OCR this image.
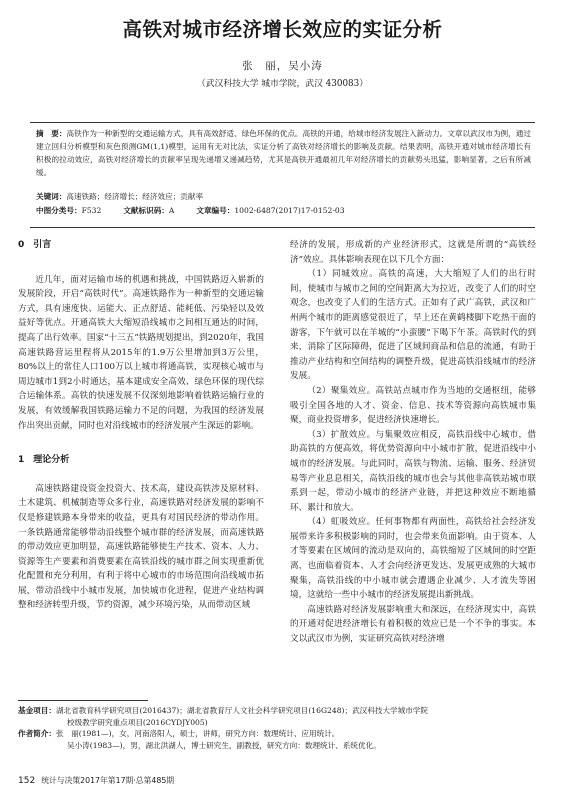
高铁对城市经济增长效应的实证分析
张　丽，吴小涛
（武汉科技大学 城市学院，武汉 430083）
摘　要：高铁作为一种新型的交通运输方式，具有高效舒适、绿色环保的优点。高铁的开通，给城市经济发展注入新动力。文章以武汉市为例，通过建立回归分析模型和灰色预测GM(1,1)模型，运用有无对比法，实证分析了高铁对经济增长的影响及贡献。结果表明，高铁开通对城市经济增长有积极的拉动效应，高铁对经济增长的贡献率呈现先递增又递减趋势，尤其是高铁开通最初几年对经济增长的贡献势头迅猛，影响显著，之后有所减缓。
关键词：高速铁路；经济增长；经济效应；贡献率
中图分类号：F532	文献标识码：A	文章编号：1002-6487(2017)17-0152-03
0　引言

近几年，面对运输市场的机遇和挑战，中国铁路迈入崭新的发展阶段，开启“高铁时代”。高速铁路作为一种新型的交通运输方式，具有速度快、运能大、正点舒适、能耗低、污染轻以及效益好等优点。开通高铁大大缩短沿线城市之间相互通达的时间，提高了出行效率。国家“十三五”铁路规划提出，到2020年，我国高速铁路营运里程将从2015年的1.9万公里增加到3万公里，80%以上的常住人口100万以上城市将通高铁，实现核心城市与周边城市1到2小时通达，基本建成安全高效、绿色环保的现代综合运输体系。高铁的快速发展不仅深刻地影响着铁路运输行业的发展，有效缓解我国铁路运输力不足的问题，为我国的经济发展作出突出贡献，同时也对沿线城市的经济发展产生深远的影响。

1　理论分析

高速铁路建设资金投资大、技术高，建设高铁涉及原材料、土木建筑、机械制造等众多行业，高速铁路对经济发展的影响不仅是修建铁路本身带来的收益，更具有对国民经济的带动作用。一条铁路通常能够带动沿线整个城市群的经济发展，而高速铁路的带动效应更加明显，高速铁路能够使生产技术、资本、人力、资源等生产要素和消费要素在高铁沿线的城市群之间实现重新优化配置和充分利用，有利于将中心城市的市场范围向沿线城市拓展，带动沿线中小城市发展，加快城市化进程，促进产业结构调整和经济转型升级，节约资源，减少环境污染，从而带动区域

经济的发展，形成新的产业经济形式，这就是所谓的“高铁经济”效应。具体影响表现在以下几个方面：

（1）同城效应。高铁的高速，大大缩短了人们的出行时间，使城市与城市之间的空间距离大为拉近，改变了人们的时空观念，也改变了人们的生活方式。正如有了武广高铁，武汉和广州两个城市的距离感觉很近了，早上还在黄鹤楼脚下吃热干面的游客，下午就可以在羊城的“小蛮腰”下喝下午茶。高铁时代的到来，消除了区际障碍，促进了区域间商品和信息的流通，有助于推动产业结构和空间结构的调整升级，促进高铁沿线城市的经济发展。

（2）聚集效应。高铁站点城市作为当地的交通枢纽，能够吸引全国各地的人才、资金、信息、技术等资源向高铁城市集聚，商业投资增多，促进经济快速增长。

（3）扩散效应。与集聚效应相反，高铁沿线中心城市，借助高铁的方便高效，将优势资源向中小城市扩散，促进沿线中小城市的经济发展。与此同时，高铁与物流、运输、服务、经济贸易等产业息息相关，高铁沿线的城市也会与其他非高铁站城市联系到一起，带动小城市的经济产业链，并把这种效应不断地循环、累计和放大。

（4）虹吸效应。任何事物都有两面性，高铁给社会经济发展带来许多积极影响的同时，也会带来负面影响。由于资本、人才等要素在区域间的流动是双向的，高铁缩短了区域间的时空距离，也面临着资本、人才会向经济更发达、发展更成熟的大城市聚集，高铁沿线的中小城市就会遭遇企业减少、人才流失等困境，这就给一些中小城市的经济发展提出新挑战。

高速铁路对经济发展影响重大和深远，在经济现实中，高铁的开通对促进经济增长有着积极的效应已是一个不争的事实。本文以武汉市为例，实证研究高铁对经济增

基金项目：湖北省教育科学研究项目(2016437)；湖北省教育厅人文社会科学研究项目(16G248)；武汉科技大学城市学院
校级教学研究重点项目(2016CYDJY005)
作者简介：张　丽(1981—)，女，河南洛阳人，硕士，讲师，研究方向：数理统计、应用统计。
吴小涛(1983—)，男，湖北洪湖人，博士研究生，副教授，研究方向：数理统计、系统优化。
152 统计与决策2017年第17期·总第485期
